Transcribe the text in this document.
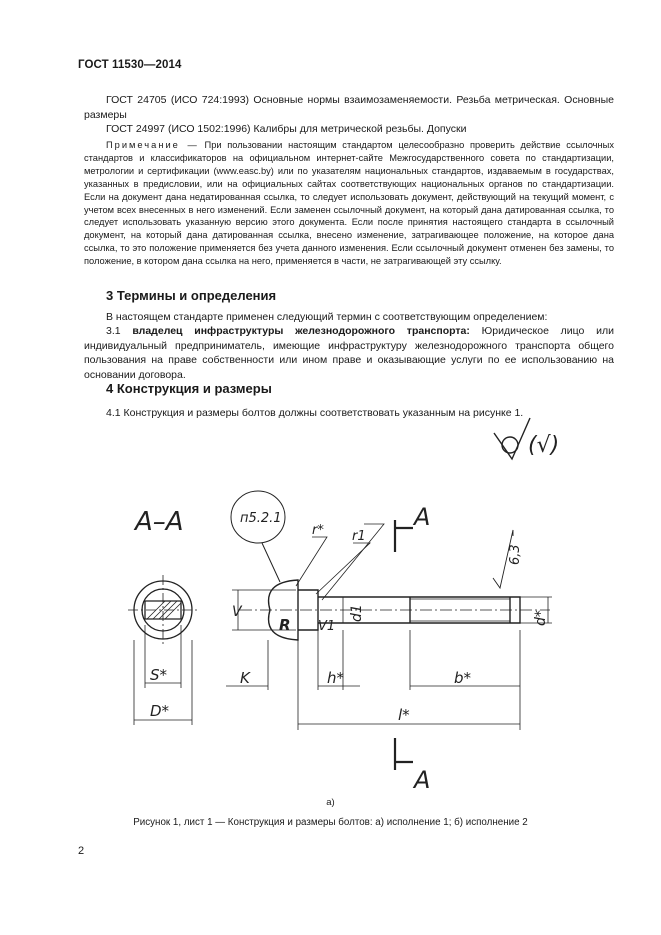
ГОСТ 11530—2014
ГОСТ 24705 (ИСО 724:1993) Основные нормы взаимозаменяемости. Резьба метрическая. Основные размеры
ГОСТ 24997 (ИСО 1502:1996) Калибры для метрической резьбы. Допуски
Примечание — При пользовании настоящим стандартом целесообразно проверить действие ссылочных стандартов и классификаторов на официальном интернет-сайте Межгосударственного совета по стандартизации, метрологии и сертификации (www.easc.by) или по указателям национальных стандартов, издаваемым в государствах, указанных в предисловии, или на официальных сайтах соответствующих национальных органов по стандартизации. Если на документ дана недатированная ссылка, то следует использовать документ, действующий на текущий момент, с учетом всех внесенных в него изменений. Если заменен ссылочный документ, на который дана датированная ссылка, то следует использовать указанную версию этого документа. Если после принятия настоящего стандарта в ссылочный документ, на который дана датированная ссылка, внесено изменение, затрагивающее положение, на которое дана ссылка, то это положение применяется без учета данного изменения. Если ссылочный документ отменен без замены, то положение, в котором дана ссылка на него, применяется в части, не затрагивающей эту ссылку.
3 Термины и определения
В настоящем стандарте применен следующий термин с соответствующим определением:
3.1 владелец инфраструктуры железнодорожного транспорта: Юридическое лицо или индивидуальный предприниматель, имеющие инфраструктуру железнодорожного транспорта общего пользования на праве собственности или ином праве и оказывающие услуги по ее использованию на основании договора.
4 Конструкция и размеры
4.1 Конструкция и размеры болтов должны соответствовать указанным на рисунке 1.
(√)
А–А
S*
D*
п5.2.1
r* r1
А
А
6,3
V
V1
R
d1	d*
K	h*	b*
l*
а)
Рисунок 1, лист 1 — Конструкция и размеры болтов: а) исполнение 1; б) исполнение 2
2
